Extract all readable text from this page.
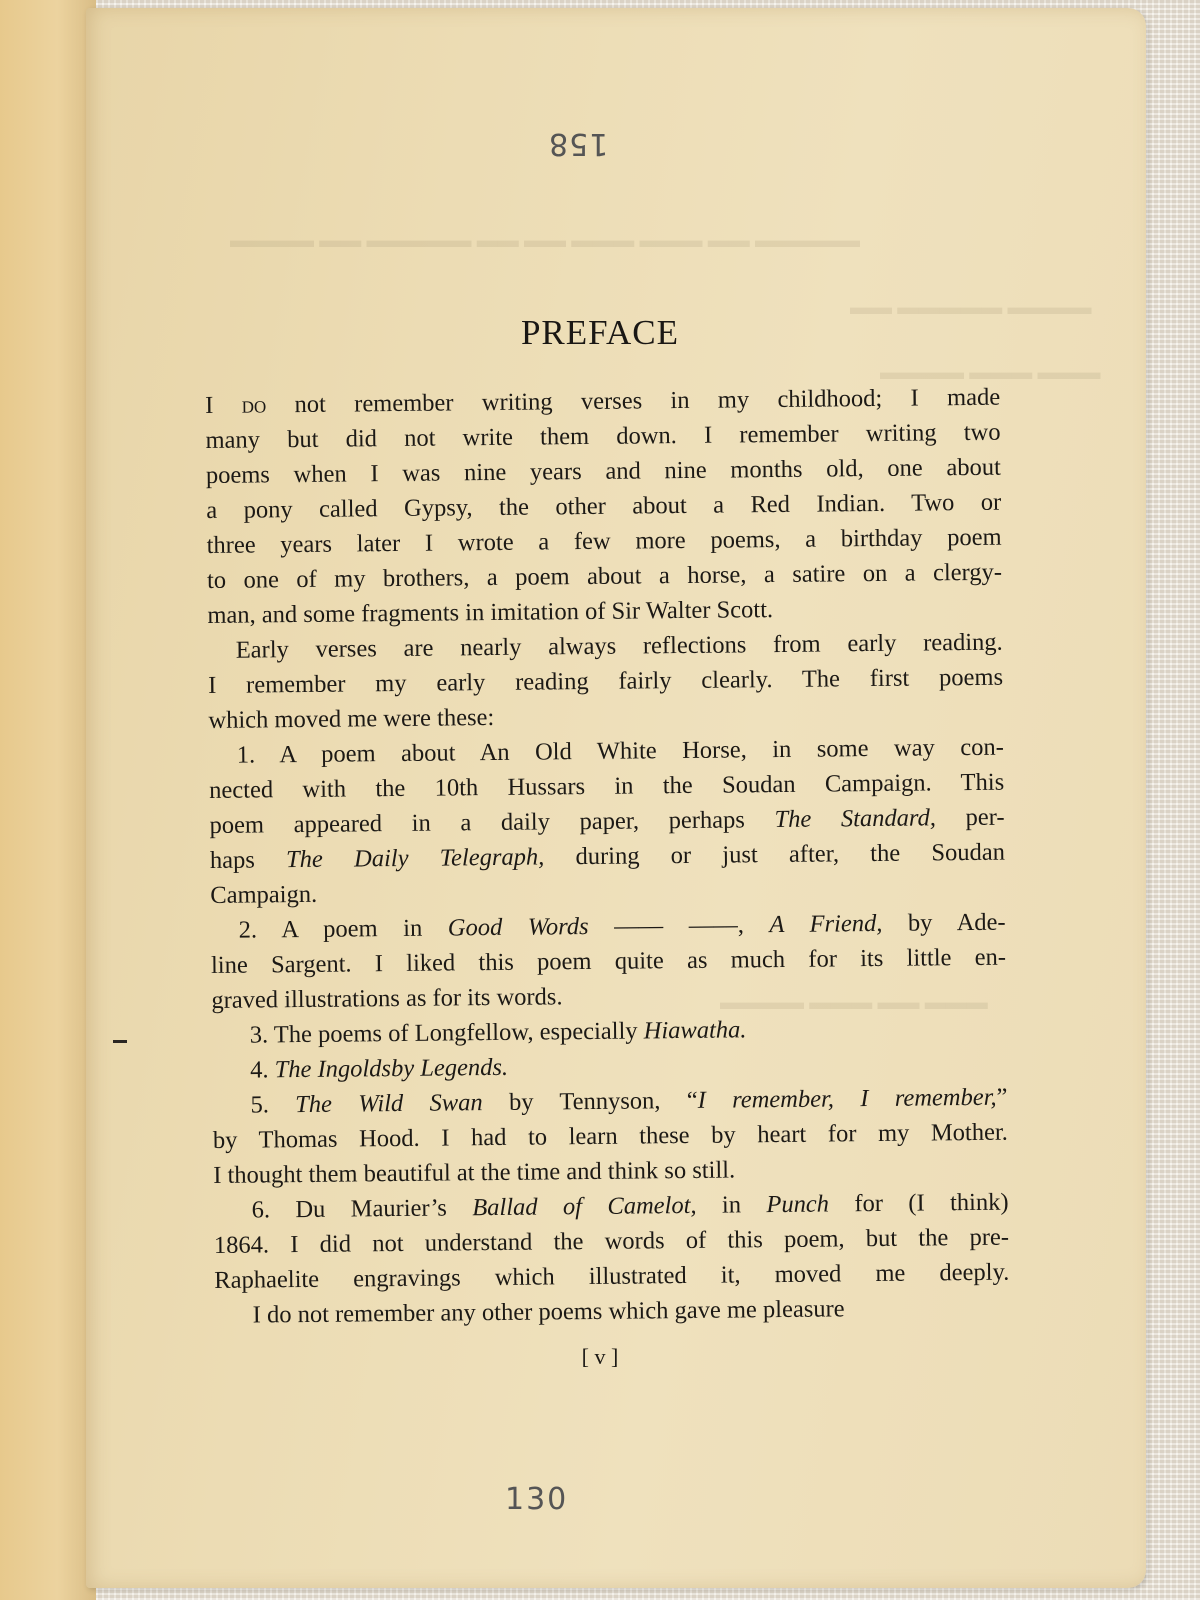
158
▬▬▬▬ ▬▬ ▬▬▬▬▬ ▬▬ ▬▬ ▬▬▬ ▬▬▬ ▬▬ ▬▬▬▬▬
▬▬ ▬▬▬▬▬ ▬▬▬▬
▬▬▬▬ ▬▬▬ ▬▬▬
▬▬▬▬ ▬▬▬ ▬▬ ▬▬▬
PREFACE
I do not remember writing verses in my childhood; I made
many but did not write them down. I remember writing two
poems when I was nine years and nine months old, one about
a pony called Gypsy, the other about a Red Indian. Two or
three years later I wrote a few more poems, a birthday poem
to one of my brothers, a poem about a horse, a satire on a clergy-
man, and some fragments in imitation of Sir Walter Scott.
Early verses are nearly always reflections from early reading.
I remember my early reading fairly clearly. The first poems
which moved me were these:
1. A poem about An Old White Horse, in some way con-
nected with the 10th Hussars in the Soudan Campaign. This
poem appeared in a daily paper, perhaps The Standard, per-
haps The Daily Telegraph, during or just after, the Soudan
Campaign.
2. A poem in Good Words —— ——, A Friend, by Ade-
line Sargent. I liked this poem quite as much for its little en-
graved illustrations as for its words.
3. The poems of Longfellow, especially Hiawatha.
4. The Ingoldsby Legends.
5. The Wild Swan by Tennyson, “I remember, I remember,”
by Thomas Hood. I had to learn these by heart for my Mother.
I thought them beautiful at the time and think so still.
6. Du Maurier’s Ballad of Camelot, in Punch for (I think)
1864. I did not understand the words of this poem, but the pre-
Raphaelite engravings which illustrated it, moved me deeply.
I do not remember any other poems which gave me pleasure
[ v ]
130
